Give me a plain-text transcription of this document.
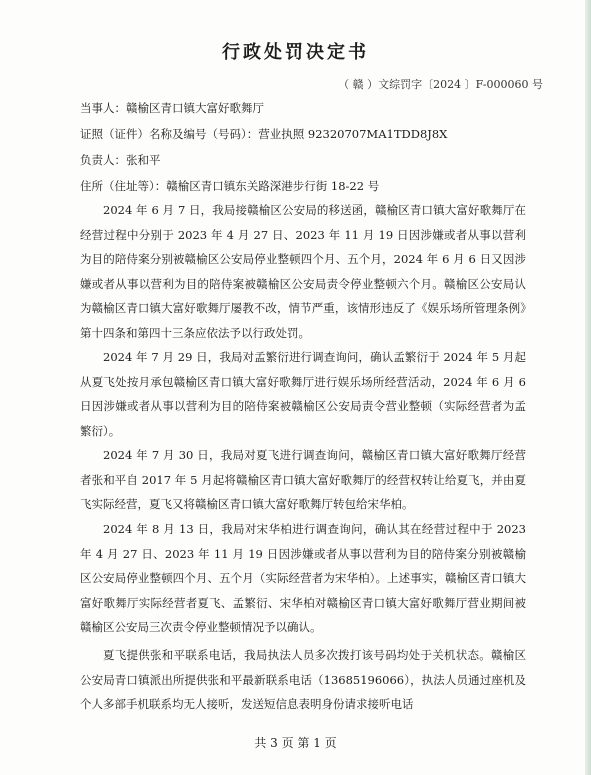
行政处罚决定书
（ 赣 ）文综罚字〔2024 〕F-000060 号
当事人：赣榆区青口镇大富好歌舞厅
证照（证件）名称及编号（号码）：营业执照 92320707MA1TDD8J8X
负责人：张和平
住所（住址等）：赣榆区青口镇东关路深港步行街 18-22 号
2024 年 6 月 7 日，我局接赣榆区公安局的移送函，赣榆区青口镇大富好歌舞厅在经营过程中分别于 2023 年 4 月 27 日、2023 年 11 月 19 日因涉嫌或者从事以营利为目的陪侍案分别被赣榆区公安局停业整顿四个月、五个月，2024 年 6 月 6 日又因涉嫌或者从事以营利为目的陪侍案被赣榆区公安局责令停业整顿六个月。赣榆区公安局认为赣榆区青口镇大富好歌舞厅屡教不改，情节严重，该情形违反了《娱乐场所管理条例》第十四条和第四十三条应依法予以行政处罚。
2024 年 7 月 29 日，我局对孟繁衍进行调查询问，确认孟繁衍于 2024 年 5 月起从夏飞处按月承包赣榆区青口镇大富好歌舞厅进行娱乐场所经营活动，2024 年 6 月 6 日因涉嫌或者从事以营利为目的陪侍案被赣榆区公安局责令营业整顿（实际经营者为孟繁衍）。
2024 年 7 月 30 日，我局对夏飞进行调查询问，赣榆区青口镇大富好歌舞厅经营者张和平自 2017 年 5 月起将赣榆区青口镇大富好歌舞厅的经营权转让给夏飞，并由夏飞实际经营，夏飞又将赣榆区青口镇大富好歌舞厅转包给宋华柏。
2024 年 8 月 13 日，我局对宋华柏进行调查询问，确认其在经营过程中于 2023 年 4 月 27 日、2023 年 11 月 19 日因涉嫌或者从事以营利为目的陪侍案分别被赣榆区公安局停业整顿四个月、五个月（实际经营者为宋华柏）。上述事实，赣榆区青口镇大富好歌舞厅实际经营者夏飞、孟繁衍、宋华柏对赣榆区青口镇大富好歌舞厅营业期间被赣榆区公安局三次责令停业整顿情况予以确认。
夏飞提供张和平联系电话，我局执法人员多次拨打该号码均处于关机状态。赣榆区公安局青口镇派出所提供张和平最新联系电话（13685196066），执法人员通过座机及个人多部手机联系均无人接听，发送短信息表明身份请求接听电话
共 3 页 第 1 页
